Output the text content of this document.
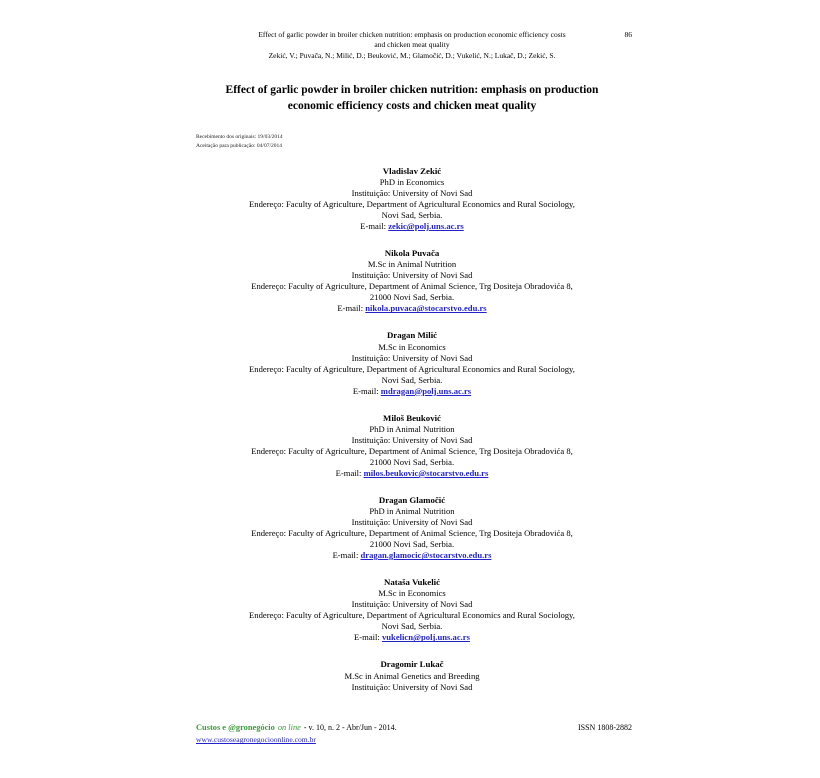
86
Effect of garlic powder in broiler chicken nutrition: emphasis on production economic efficiency costs
and chicken meat quality
Zekić, V.; Puvača, N.; Milić, D.; Beuković, M.; Glamočić, D.; Vukelić, N.; Lukač, D.; Zekić, S.
Effect of garlic powder in broiler chicken nutrition: emphasis on production
economic efficiency costs and chicken meat quality
Recebimento dos originais: 19/03/2014
Aceitação para publicação: 04/07/2014
Vladislav Zekić
PhD in Economics
Instituição: University of Novi Sad
Endereço: Faculty of Agriculture, Department of Agricultural Economics and Rural Sociology,
Novi Sad, Serbia.
E-mail: zekic@polj.uns.ac.rs
Nikola Puvača
M.Sc in Animal Nutrition
Instituição: University of Novi Sad
Endereço: Faculty of Agriculture, Department of Animal Science, Trg Dositeja Obradovića 8,
21000 Novi Sad, Serbia.
E-mail: nikola.puvaca@stocarstvo.edu.rs
Dragan Milić
M.Sc in Economics
Instituição: University of Novi Sad
Endereço: Faculty of Agriculture, Department of Agricultural Economics and Rural Sociology,
Novi Sad, Serbia.
E-mail: mdragan@polj.uns.ac.rs
Miloš Beuković
PhD in Animal Nutrition
Instituição: University of Novi Sad
Endereço: Faculty of Agriculture, Department of Animal Science, Trg Dositeja Obradovića 8,
21000 Novi Sad, Serbia.
E-mail: milos.beukovic@stocarstvo.edu.rs
Dragan Glamočić
PhD in Animal Nutrition
Instituição: University of Novi Sad
Endereço: Faculty of Agriculture, Department of Animal Science, Trg Dositeja Obradovića 8,
21000 Novi Sad, Serbia.
E-mail: dragan.glamocic@stocarstvo.edu.rs
Nataša Vukelić
M.Sc in Economics
Instituição: University of Novi Sad
Endereço: Faculty of Agriculture, Department of Agricultural Economics and Rural Sociology,
Novi Sad, Serbia.
E-mail: vukelicn@polj.uns.ac.rs
Dragomir Lukač
M.Sc in Animal Genetics and Breeding
Instituição: University of Novi Sad
Custos e @gronegócio on line - v. 10, n. 2 - Abr/Jun - 2014.	ISSN 1808-2882
www.custoseagronegocioonline.com.br
